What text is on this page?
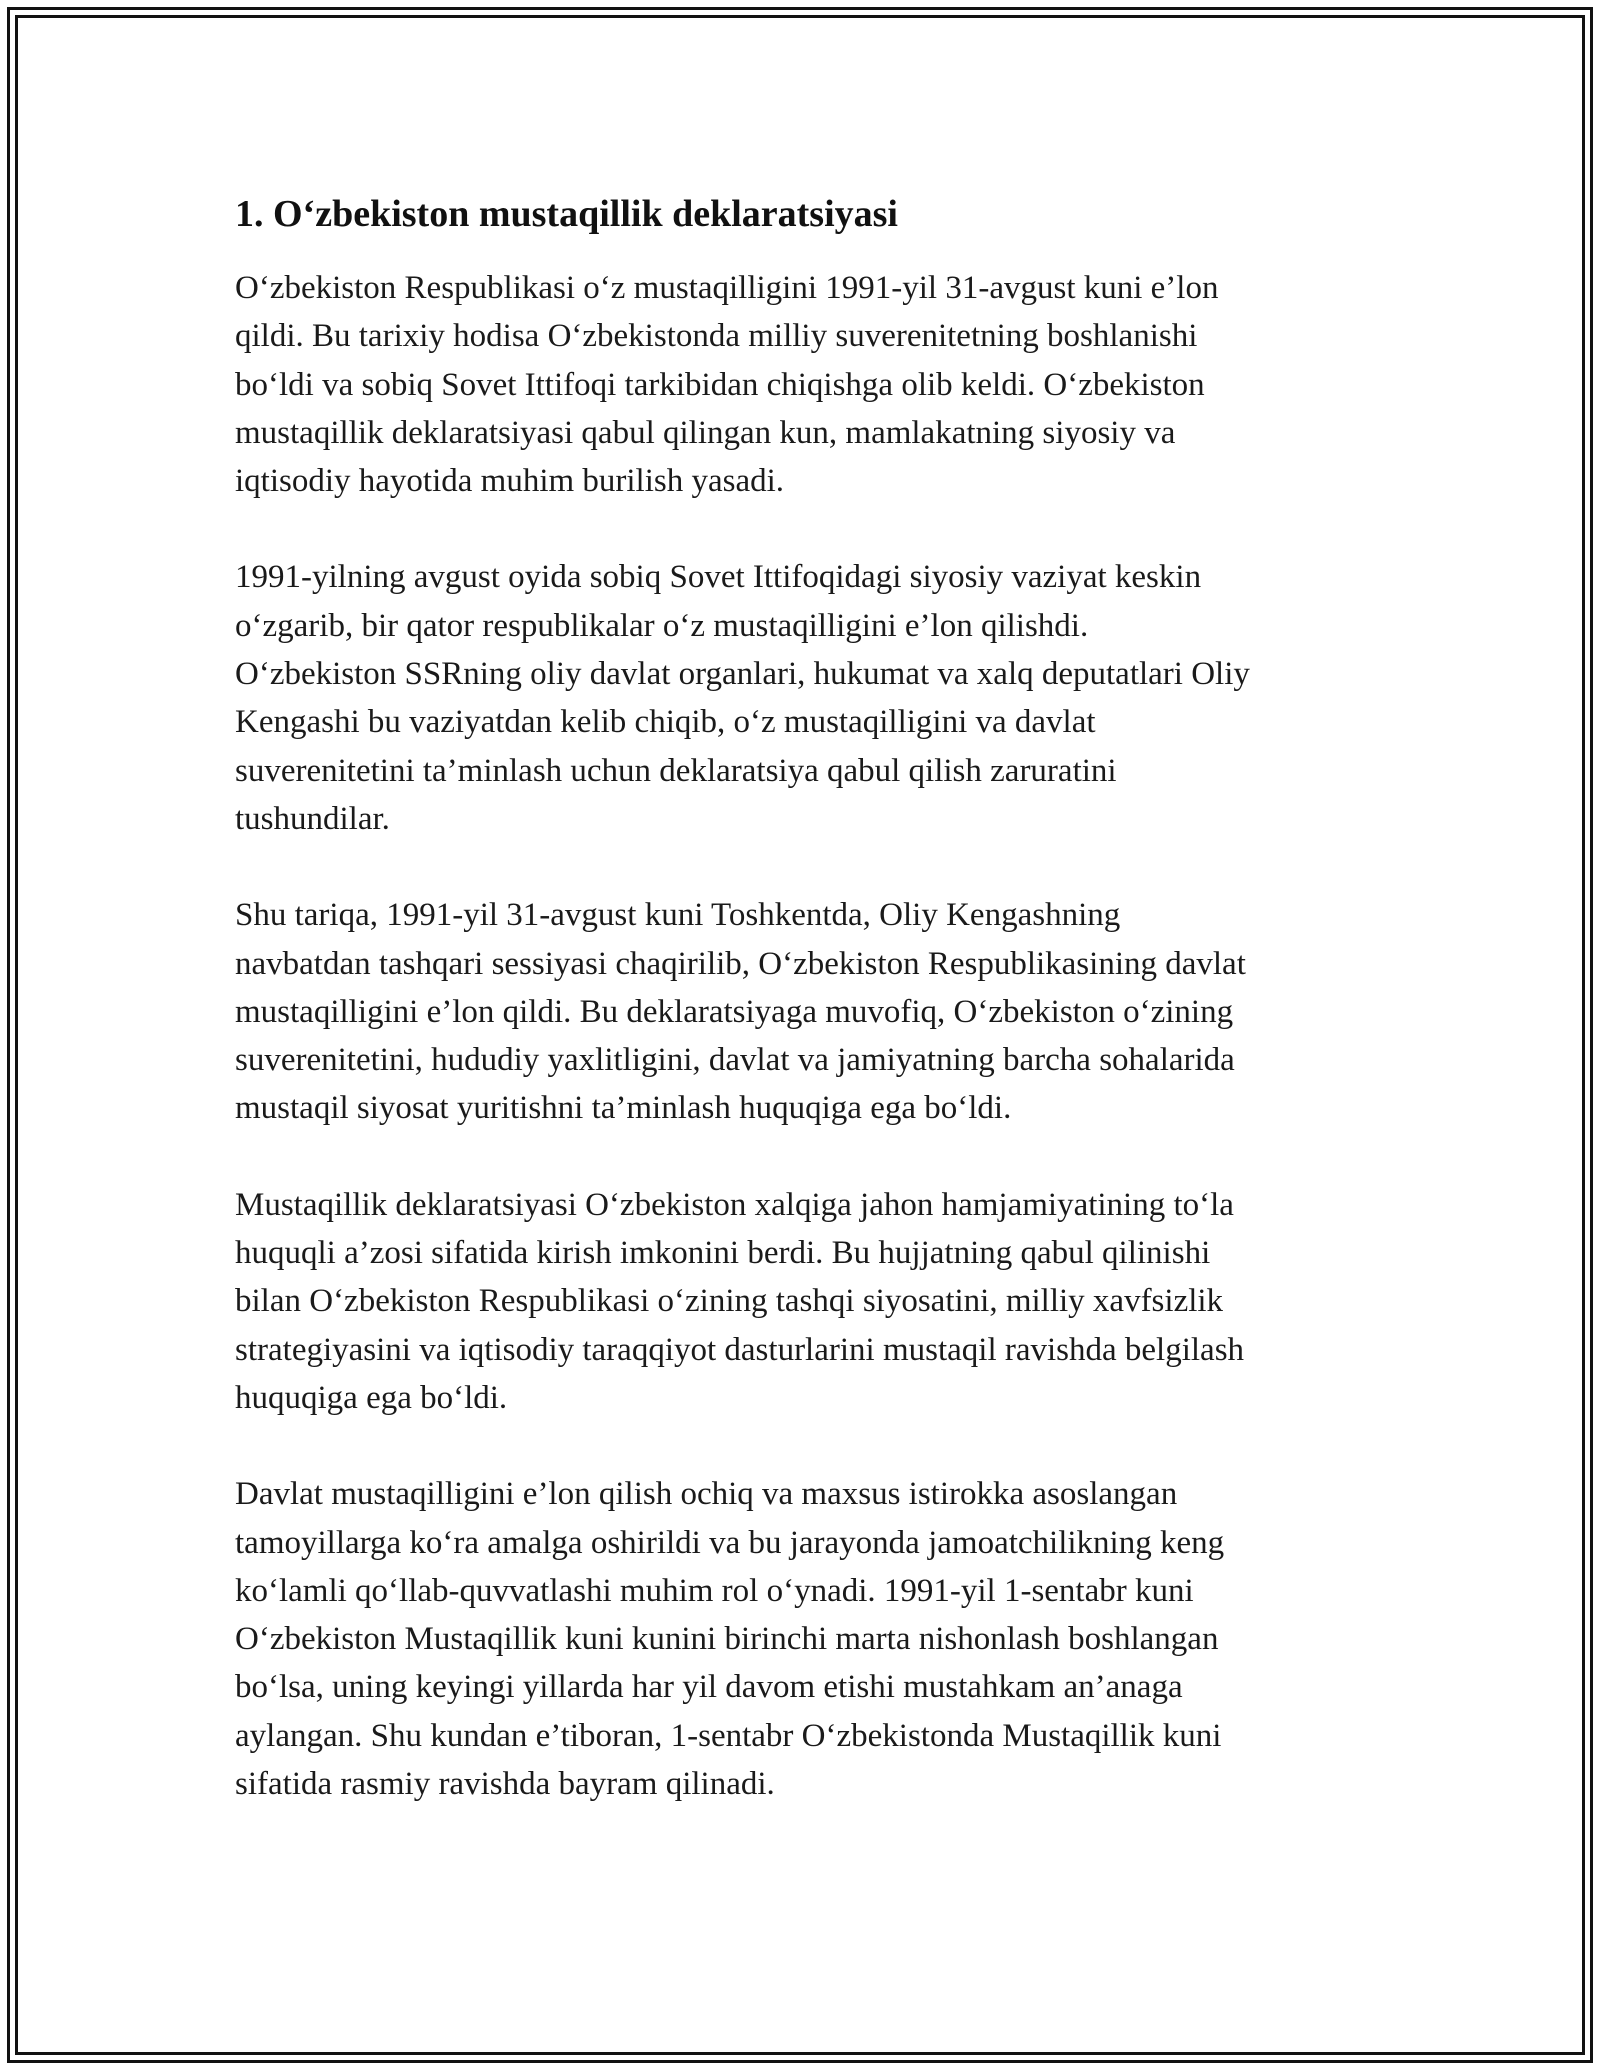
1. O‘zbekiston mustaqillik deklaratsiyasi

O‘zbekiston Respublikasi o‘z mustaqilligini 1991-yil 31-avgust kuni e’lon
qildi. Bu tarixiy hodisa O‘zbekistonda milliy suverenitetning boshlanishi
bo‘ldi va sobiq Sovet Ittifoqi tarkibidan chiqishga olib keldi. O‘zbekiston
mustaqillik deklaratsiyasi qabul qilingan kun, mamlakatning siyosiy va
iqtisodiy hayotida muhim burilish yasadi.

1991-yilning avgust oyida sobiq Sovet Ittifoqidagi siyosiy vaziyat keskin
o‘zgarib, bir qator respublikalar o‘z mustaqilligini e’lon qilishdi.
O‘zbekiston SSRning oliy davlat organlari, hukumat va xalq deputatlari Oliy
Kengashi bu vaziyatdan kelib chiqib, o‘z mustaqilligini va davlat
suverenitetini ta’minlash uchun deklaratsiya qabul qilish zaruratini
tushundilar.

Shu tariqa, 1991-yil 31-avgust kuni Toshkentda, Oliy Kengashning
navbatdan tashqari sessiyasi chaqirilib, O‘zbekiston Respublikasining davlat
mustaqilligini e’lon qildi. Bu deklaratsiyaga muvofiq, O‘zbekiston o‘zining
suverenitetini, hududiy yaxlitligini, davlat va jamiyatning barcha sohalarida
mustaqil siyosat yuritishni ta’minlash huquqiga ega bo‘ldi.

Mustaqillik deklaratsiyasi O‘zbekiston xalqiga jahon hamjamiyatining to‘la
huquqli a’zosi sifatida kirish imkonini berdi. Bu hujjatning qabul qilinishi
bilan O‘zbekiston Respublikasi o‘zining tashqi siyosatini, milliy xavfsizlik
strategiyasini va iqtisodiy taraqqiyot dasturlarini mustaqil ravishda belgilash
huquqiga ega bo‘ldi.

Davlat mustaqilligini e’lon qilish ochiq va maxsus istirokka asoslangan
tamoyillarga ko‘ra amalga oshirildi va bu jarayonda jamoatchilikning keng
ko‘lamli qo‘llab-quvvatlashi muhim rol o‘ynadi. 1991-yil 1-sentabr kuni
O‘zbekiston Mustaqillik kuni kunini birinchi marta nishonlash boshlangan
bo‘lsa, uning keyingi yillarda har yil davom etishi mustahkam an’anaga
aylangan. Shu kundan e’tiboran, 1-sentabr O‘zbekistonda Mustaqillik kuni
sifatida rasmiy ravishda bayram qilinadi.
